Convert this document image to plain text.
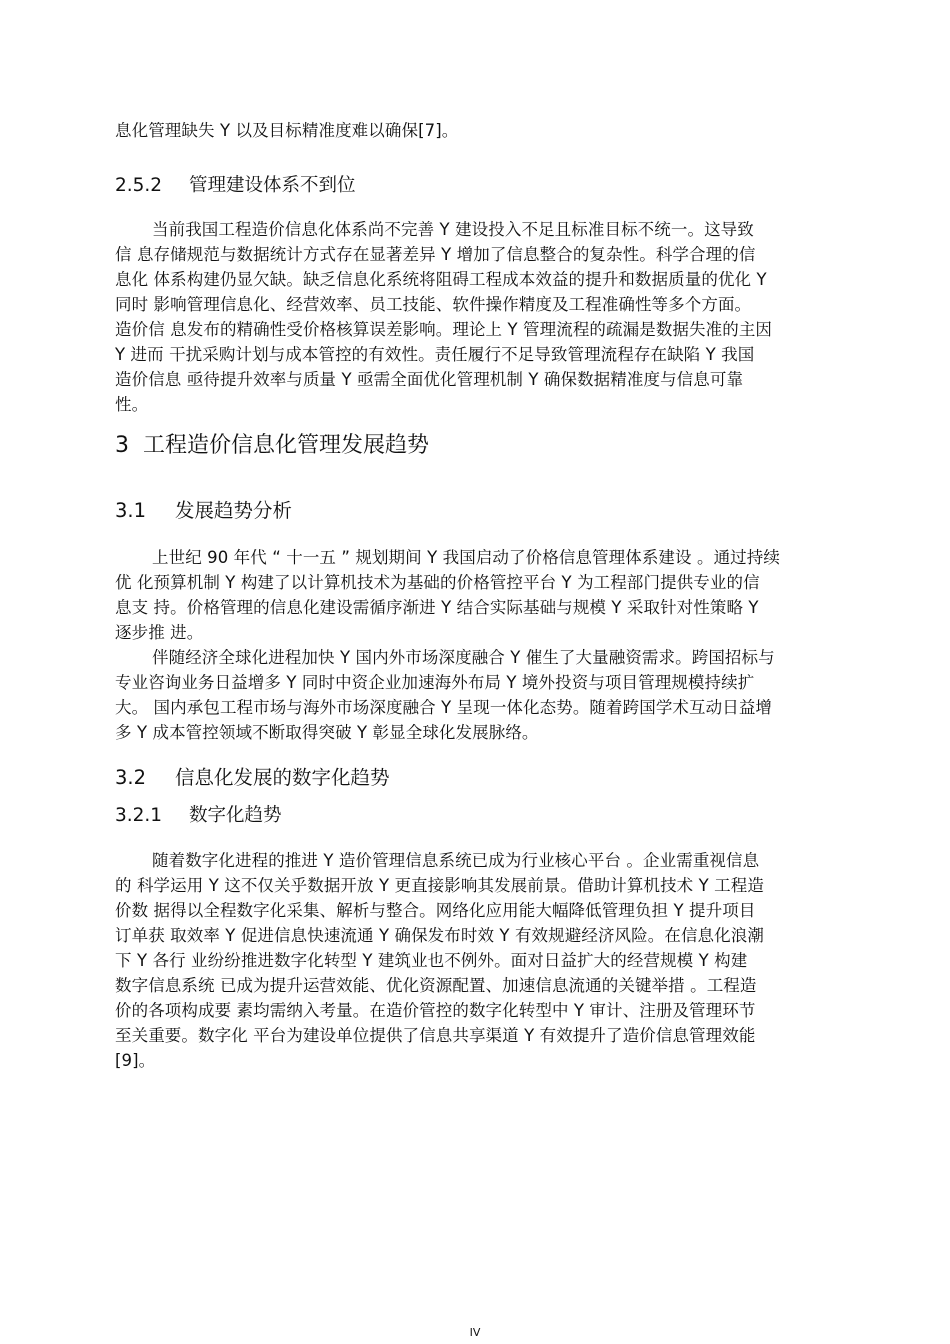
息化管理缺失 Y 以及目标精准度难以确保[7]。
2.5.2 管理建设体系不到位
当前我国工程造价信息化体系尚不完善 Y 建设投入不足且标准目标不统一。这导致
信 息存储规范与数据统计方式存在显著差异 Y 增加了信息整合的复杂性。科学合理的信
息化 体系构建仍显欠缺。缺乏信息化系统将阻碍工程成本效益的提升和数据质量的优化 Y
同时 影响管理信息化、经营效率、员工技能、软件操作精度及工程准确性等多个方面。
造价信 息发布的精确性受价格核算误差影响。理论上 Y 管理流程的疏漏是数据失准的主因
Y 进而 干扰采购计划与成本管控的有效性。责任履行不足导致管理流程存在缺陷 Y 我国
造价信息 亟待提升效率与质量 Y 亟需全面优化管理机制 Y 确保数据精准度与信息可靠
性。
3 工程造价信息化管理发展趋势
3.1 发展趋势分析
上世纪 90 年代 “ 十一五 ” 规划期间 Y 我国启动了价格信息管理体系建设 。通过持续
优 化预算机制 Y 构建了以计算机技术为基础的价格管控平台 Y 为工程部门提供专业的信
息支 持。价格管理的信息化建设需循序渐进 Y 结合实际基础与规模 Y 采取针对性策略 Y
逐步推 进。
伴随经济全球化进程加快 Y 国内外市场深度融合 Y 催生了大量融资需求。跨国招标与
专业咨询业务日益增多 Y 同时中资企业加速海外布局 Y 境外投资与项目管理规模持续扩
大。 国内承包工程市场与海外市场深度融合 Y 呈现一体化态势。随着跨国学术互动日益增
多 Y 成本管控领域不断取得突破 Y 彰显全球化发展脉络。
3.2 信息化发展的数字化趋势
3.2.1 数字化趋势
随着数字化进程的推进 Y 造价管理信息系统已成为行业核心平台 。企业需重视信息
的 科学运用 Y 这不仅关乎数据开放 Y 更直接影响其发展前景。借助计算机技术 Y 工程造
价数 据得以全程数字化采集、解析与整合。网络化应用能大幅降低管理负担 Y 提升项目
订单获 取效率 Y 促进信息快速流通 Y 确保发布时效 Y 有效规避经济风险。在信息化浪潮
下 Y 各行 业纷纷推进数字化转型 Y 建筑业也不例外。面对日益扩大的经营规模 Y 构建
数字信息系统 已成为提升运营效能、优化资源配置、加速信息流通的关键举措 。工程造
价的各项构成要 素均需纳入考量。在造价管控的数字化转型中 Y 审计、注册及管理环节
至关重要。数字化 平台为建设单位提供了信息共享渠道 Y 有效提升了造价信息管理效能
[9]。
IV
